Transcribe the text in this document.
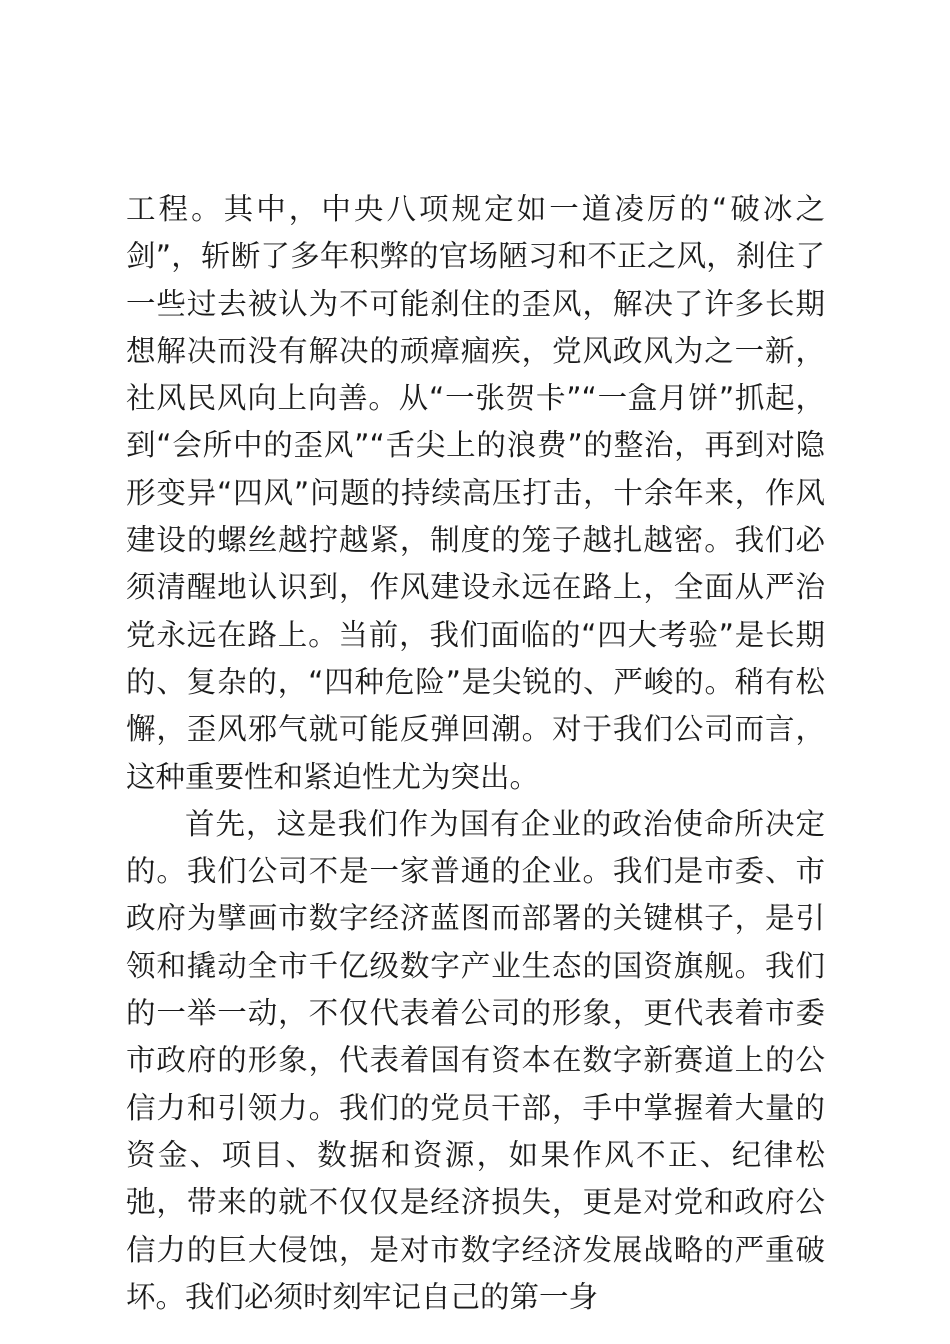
工程。其中，中央八项规定如一道凌厉的“破冰之剑”，斩断了多年积弊的官场陋习和不正之风，刹住了一些过去被认为不可能刹住的歪风，解决了许多长期想解决而没有解决的顽瘴痼疾，党风政风为之一新，社风民风向上向善。从“一张贺卡”“一盒月饼”抓起，到“会所中的歪风”“舌尖上的浪费”的整治，再到对隐形变异“四风”问题的持续高压打击，十余年来，作风建设的螺丝越拧越紧，制度的笼子越扎越密。我们必须清醒地认识到，作风建设永远在路上，全面从严治党永远在路上。当前，我们面临的“四大考验”是长期的、复杂的，“四种危险”是尖锐的、严峻的。稍有松懈，歪风邪气就可能反弹回潮。对于我们公司而言，这种重要性和紧迫性尤为突出。

首先，这是我们作为国有企业的政治使命所决定的。我们公司不是一家普通的企业。我们是市委、市政府为擘画市数字经济蓝图而部署的关键棋子，是引领和撬动全市千亿级数字产业生态的国资旗舰。我们的一举一动，不仅代表着公司的形象，更代表着市委市政府的形象，代表着国有资本在数字新赛道上的公信力和引领力。我们的党员干部，手中掌握着大量的资金、项目、数据和资源，如果作风不正、纪律松弛，带来的就不仅仅是经济损失，更是对党和政府公信力的巨大侵蚀，是对市数字经济发展战略的严重破坏。我们必须时刻牢记自己的第一身
